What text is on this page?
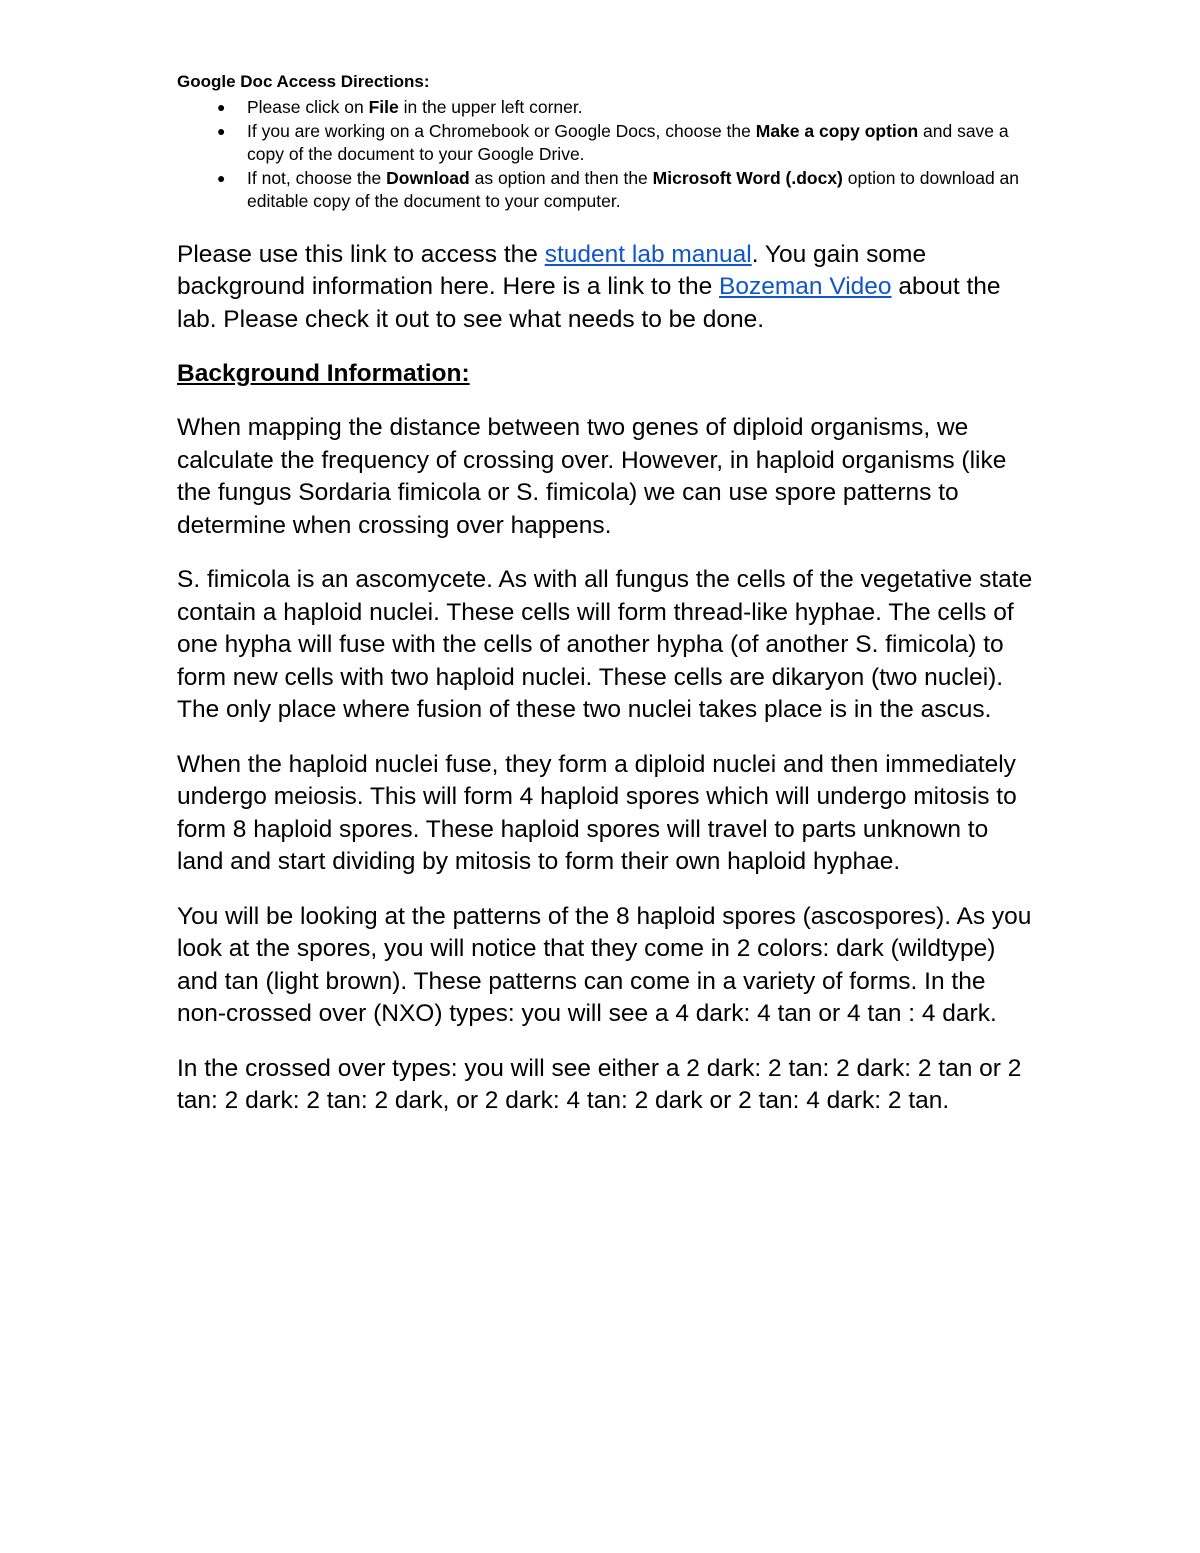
Google Doc Access Directions:
● Please click on File in the upper left corner.
● If you are working on a Chromebook or Google Docs, choose the Make a copy option and save a copy of the document to your Google Drive.
● If not, choose the Download as option and then the Microsoft Word (.docx) option to download an editable copy of the document to your computer.

Please use this link to access the student lab manual. You gain some background information here. Here is a link to the Bozeman Video about the lab. Please check it out to see what needs to be done.

Background Information:

When mapping the distance between two genes of diploid organisms, we calculate the frequency of crossing over. However, in haploid organisms (like the fungus Sordaria fimicola or S. fimicola) we can use spore patterns to determine when crossing over happens.

S. fimicola is an ascomycete. As with all fungus the cells of the vegetative state contain a haploid nuclei. These cells will form thread-like hyphae. The cells of one hypha will fuse with the cells of another hypha (of another S. fimicola) to form new cells with two haploid nuclei. These cells are dikaryon (two nuclei). The only place where fusion of these two nuclei takes place is in the ascus.

When the haploid nuclei fuse, they form a diploid nuclei and then immediately undergo meiosis. This will form 4 haploid spores which will undergo mitosis to form 8 haploid spores. These haploid spores will travel to parts unknown to land and start dividing by mitosis to form their own haploid hyphae.

You will be looking at the patterns of the 8 haploid spores (ascospores). As you look at the spores, you will notice that they come in 2 colors: dark (wildtype) and tan (light brown). These patterns can come in a variety of forms. In the non-crossed over (NXO) types: you will see a 4 dark: 4 tan or 4 tan : 4 dark.

In the crossed over types: you will see either a 2 dark: 2 tan: 2 dark: 2 tan or 2 tan: 2 dark: 2 tan: 2 dark, or 2 dark: 4 tan: 2 dark or 2 tan: 4 dark: 2 tan.
